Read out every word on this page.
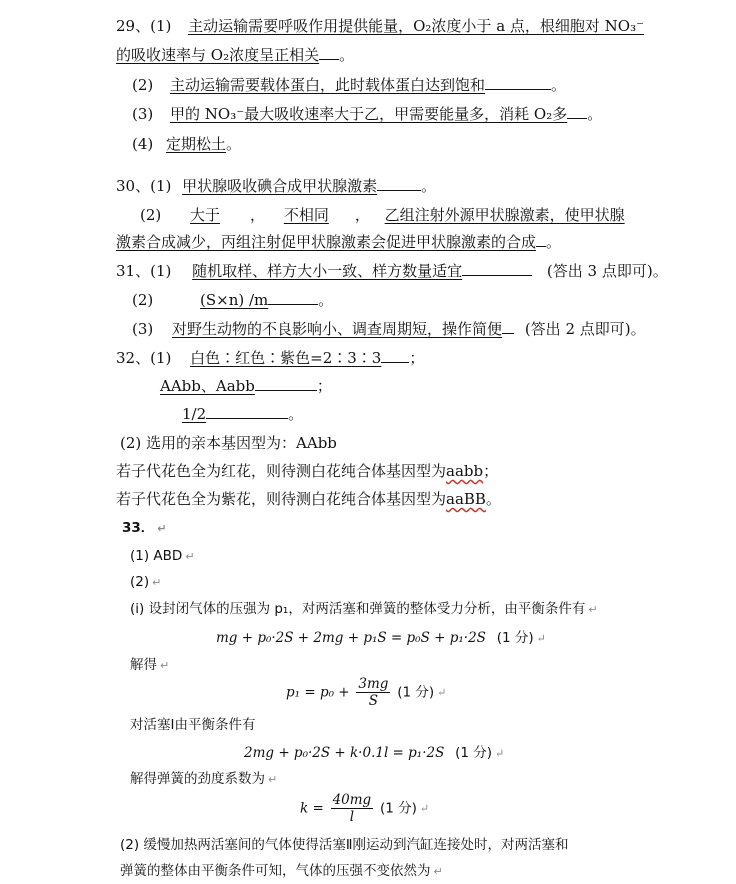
29、(1) 主动运输需要呼吸作用提供能量，O₂浓度小于 a 点，根细胞对 NO₃⁻
的吸收速率与 O₂浓度呈正相关 。
(2) 主动运输需要载体蛋白，此时载体蛋白达到饱和	。
(3) 甲的 NO₃⁻最大吸收速率大于乙，甲需要能量多，消耗 O₂多 。
(4) 定期松土。
30、(1) 甲状腺吸收碘合成甲状腺激素	。
(2) 大于 ， 不相同 ， 乙组注射外源甲状腺激素，使甲状腺
激素合成减少，丙组注射促甲状腺激素会促进甲状腺激素的合成 。
31、(1) 随机取样、样方大小一致、样方数量适宜	(答出 3 点即可)。
(2)	(S×n) /m	。
(3) 对野生动物的不良影响小、调查周期短，操作简便 (答出 2 点即可)。
32、(1) 白色∶红色∶紫色=2∶3∶3 ；
AAbb、Aabb	；
1/2	。
(2) 选用的亲本基因型为：AAbb
若子代花色全为红花，则待测白花纯合体基因型为aabb；
若子代花色全为紫花，则待测白花纯合体基因型为aaBB。
33． ↵
(1) ABD ↵
(2) ↵
(i) 设封闭气体的压强为 p₁，对两活塞和弹簧的整体受力分析，由平衡条件有 ↵
mg + p₀·2S + 2mg + p₁S = p₀S + p₁·2S (1 分) ↵
解得 ↵
$p_1 = p_0 + \frac{3mg}{S} (1$ 分) ↵
对活塞Ⅰ由平衡条件有
2mg + p₀·2S + k·0.1l = p₁·2S (1 分) ↵
解得弹簧的劲度系数为 ↵
$k = \frac{40mg}{l} (1$ 分) ↵
(2) 缓慢加热两活塞间的气体使得活塞Ⅱ刚运动到汽缸连接处时，对两活塞和
弹簧的整体由平衡条件可知，气体的压强不变依然为 ↵
